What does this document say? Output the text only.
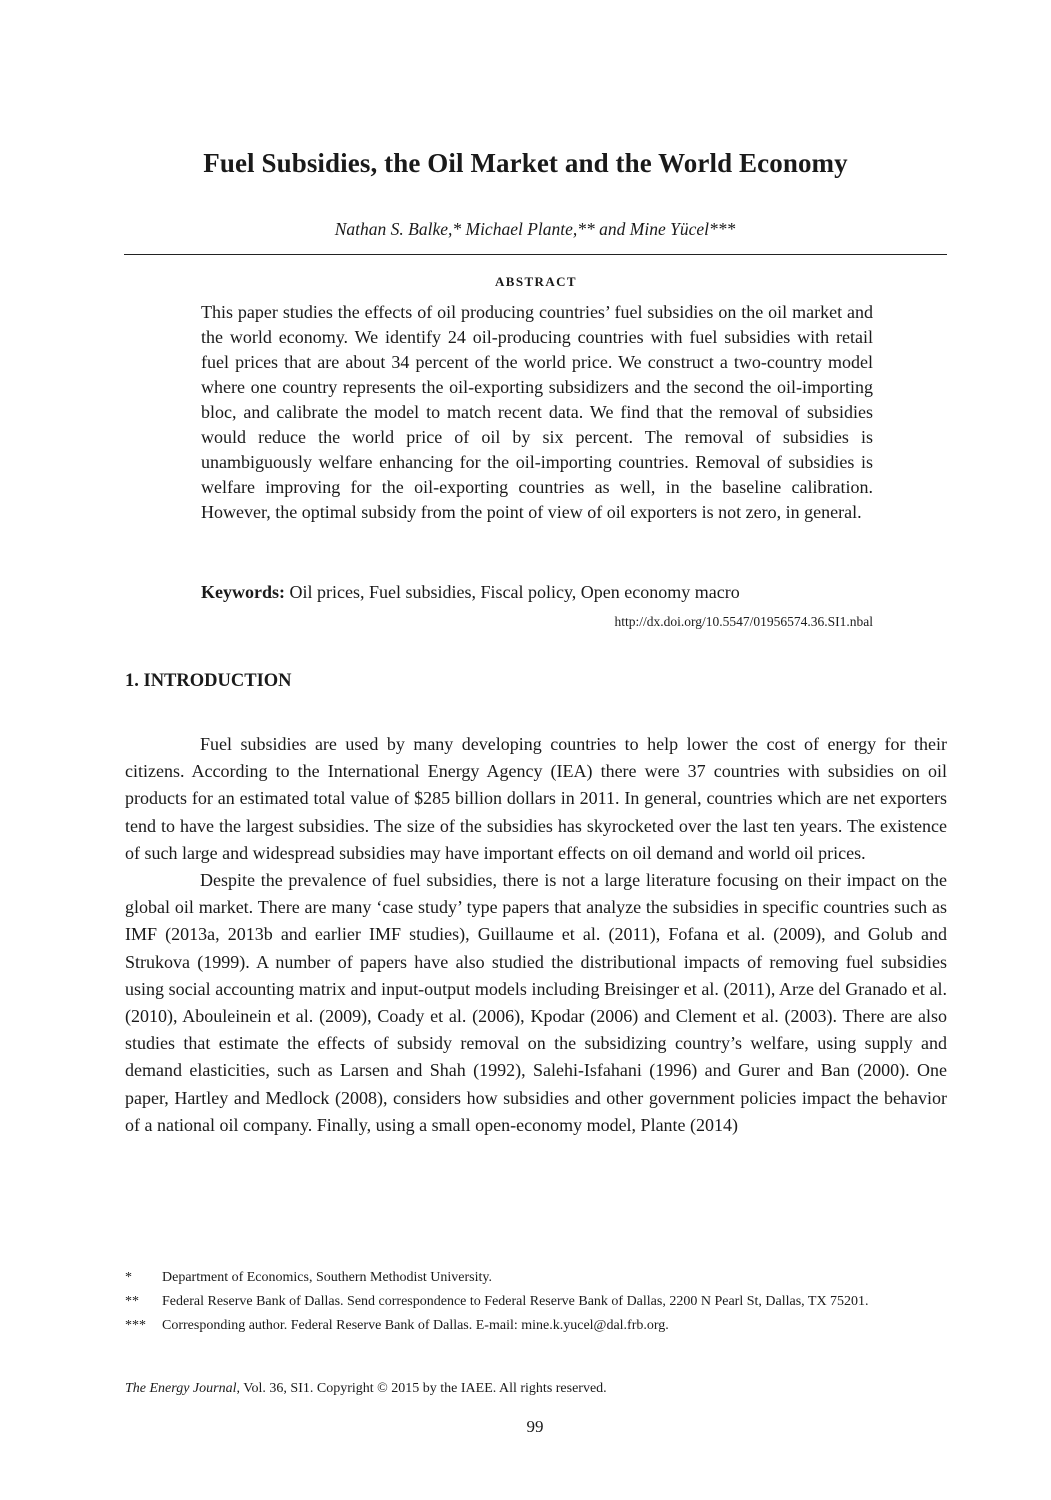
Fuel Subsidies, the Oil Market and the World Economy

Nathan S. Balke,* Michael Plante,** and Mine Yücel***

ABSTRACT

This paper studies the effects of oil producing countries’ fuel subsidies on the oil market and the world economy. We identify 24 oil-producing countries with fuel subsidies with retail fuel prices that are about 34 percent of the world price. We construct a two-country model where one country represents the oil-exporting subsidizers and the second the oil-importing bloc, and calibrate the model to match recent data. We find that the removal of subsidies would reduce the world price of oil by six percent. The removal of subsidies is unambiguously welfare enhancing for the oil-importing countries. Removal of subsidies is welfare improving for the oil-exporting countries as well, in the baseline calibration. However, the optimal subsidy from the point of view of oil exporters is not zero, in general.

Keywords: Oil prices, Fuel subsidies, Fiscal policy, Open economy macro

http://dx.doi.org/10.5547/01956574.36.SI1.nbal

1. INTRODUCTION

Fuel subsidies are used by many developing countries to help lower the cost of energy for their citizens. According to the International Energy Agency (IEA) there were 37 countries with subsidies on oil products for an estimated total value of $285 billion dollars in 2011. In general, countries which are net exporters tend to have the largest subsidies. The size of the subsidies has skyrocketed over the last ten years. The existence of such large and widespread subsidies may have important effects on oil demand and world oil prices.

Despite the prevalence of fuel subsidies, there is not a large literature focusing on their impact on the global oil market. There are many ‘case study’ type papers that analyze the subsidies in specific countries such as IMF (2013a, 2013b and earlier IMF studies), Guillaume et al. (2011), Fofana et al. (2009), and Golub and Strukova (1999). A number of papers have also studied the distributional impacts of removing fuel subsidies using social accounting matrix and input-output models including Breisinger et al. (2011), Arze del Granado et al. (2010), Abouleinein et al. (2009), Coady et al. (2006), Kpodar (2006) and Clement et al. (2003). There are also studies that estimate the effects of subsidy removal on the subsidizing country’s welfare, using supply and demand elasticities, such as Larsen and Shah (1992), Salehi-Isfahani (1996) and Gurer and Ban (2000). One paper, Hartley and Medlock (2008), considers how subsidies and other government policies impact the behavior of a national oil company. Finally, using a small open-economy model, Plante (2014)

* Department of Economics, Southern Methodist University.

** Federal Reserve Bank of Dallas. Send correspondence to Federal Reserve Bank of Dallas, 2200 N Pearl St, Dallas, TX 75201.

*** Corresponding author. Federal Reserve Bank of Dallas. E-mail: mine.k.yucel@dal.frb.org.

The Energy Journal, Vol. 36, SI1. Copyright © 2015 by the IAEE. All rights reserved.

99
